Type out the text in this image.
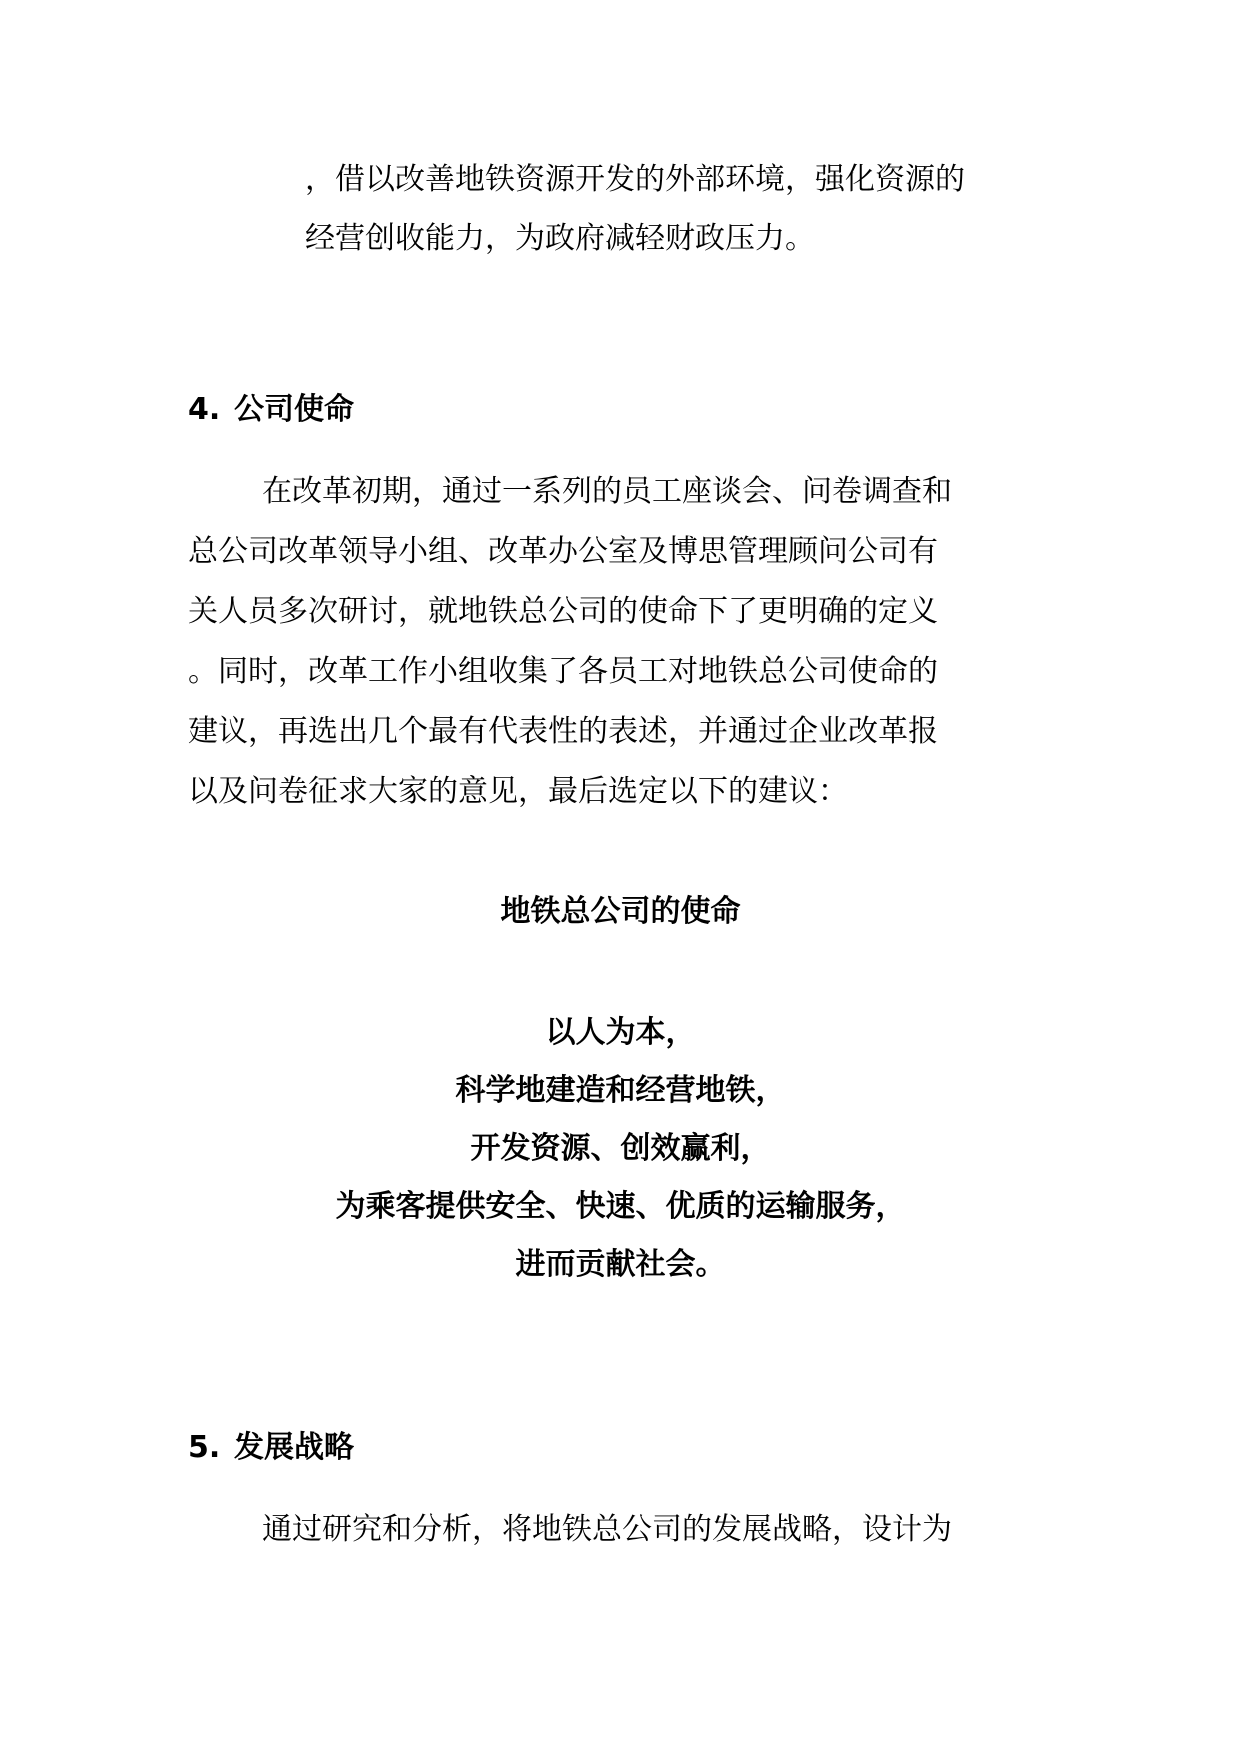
，借以改善地铁资源开发的外部环境，强化资源的
经营创收能力，为政府减轻财政压力。
4. 公司使命
在改革初期，通过一系列的员工座谈会、问卷调查和
总公司改革领导小组、改革办公室及博思管理顾问公司有
关人员多次研讨，就地铁总公司的使命下了更明确的定义
。同时，改革工作小组收集了各员工对地铁总公司使命的
建议，再选出几个最有代表性的表述，并通过企业改革报
以及问卷征求大家的意见，最后选定以下的建议：
地铁总公司的使命
以人为本，
科学地建造和经营地铁，
开发资源、创效赢利，
为乘客提供安全、快速、优质的运输服务，
进而贡献社会。
5. 发展战略
通过研究和分析，将地铁总公司的发展战略，设计为
